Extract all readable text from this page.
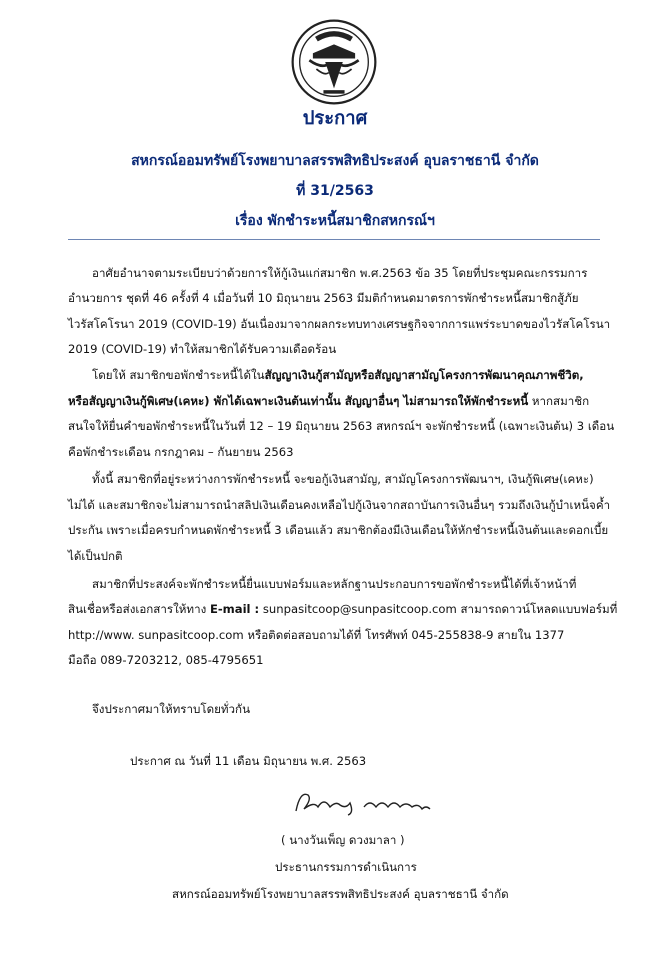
ประกาศ
สหกรณ์ออมทรัพย์โรงพยาบาลสรรพสิทธิประสงค์ อุบลราชธานี จำกัด
ที่ 31/2563
เรื่อง พักชำระหนี้สมาชิกสหกรณ์ฯ
อาศัยอำนาจตามระเบียบว่าด้วยการให้กู้เงินแก่สมาชิก พ.ศ.2563 ข้อ 35 โดยที่ประชุมคณะกรรมการ
อำนวยการ ชุดที่ 46 ครั้งที่ 4 เมื่อวันที่ 10 มิถุนายน 2563 มีมติกำหนดมาตรการพักชำระหนี้สมาชิกสู้ภัย
ไวรัสโคโรนา 2019 (COVID-19) อันเนื่องมาจากผลกระทบทางเศรษฐกิจจากการแพร่ระบาดของไวรัสโคโรนา
2019 (COVID-19) ทำให้สมาชิกได้รับความเดือดร้อน
โดยให้ สมาชิกขอพักชำระหนี้ได้ในสัญญาเงินกู้สามัญหรือสัญญาสามัญโครงการพัฒนาคุณภาพชีวิต,
หรือสัญญาเงินกู้พิเศษ(เคหะ) พักได้เฉพาะเงินต้นเท่านั้น สัญญาอื่นๆ ไม่สามารถให้พักชำระหนี้ หากสมาชิก
สนใจให้ยื่นคำขอพักชำระหนี้ในวันที่ 12 – 19 มิถุนายน 2563 สหกรณ์ฯ จะพักชำระหนี้ (เฉพาะเงินต้น) 3 เดือน
คือพักชำระเดือน กรกฎาคม – กันยายน 2563
ทั้งนี้ สมาชิกที่อยู่ระหว่างการพักชำระหนี้ จะขอกู้เงินสามัญ, สามัญโครงการพัฒนาฯ, เงินกู้พิเศษ(เคหะ)
ไม่ได้ และสมาชิกจะไม่สามารถนำสลิปเงินเดือนคงเหลือไปกู้เงินจากสถาบันการเงินอื่นๆ รวมถึงเงินกู้บำเหน็จค้ำ
ประกัน เพราะเมื่อครบกำหนดพักชำระหนี้ 3 เดือนแล้ว สมาชิกต้องมีเงินเดือนให้หักชำระหนี้เงินต้นและดอกเบี้ย
ได้เป็นปกติ
สมาชิกที่ประสงค์จะพักชำระหนี้ยื่นแบบฟอร์มและหลักฐานประกอบการขอพักชำระหนี้ได้ที่เจ้าหน้าที่
สินเชื่อหรือส่งเอกสารให้ทาง E-mail : sunpasitcoop@sunpasitcoop.com สามารถดาวน์โหลดแบบฟอร์มที่
http://www. sunpasitcoop.com หรือติดต่อสอบถามได้ที่ โทรศัพท์ 045-255838-9 สายใน 1377
มือถือ 089-7203212, 085-4795651
จึงประกาศมาให้ทราบโดยทั่วกัน
ประกาศ ณ วันที่ 11 เดือน มิถุนายน พ.ศ. 2563
( นางวันเพ็ญ ดวงมาลา )
ประธานกรรมการดำเนินการ
สหกรณ์ออมทรัพย์โรงพยาบาลสรรพสิทธิประสงค์ อุบลราชธานี จำกัด
